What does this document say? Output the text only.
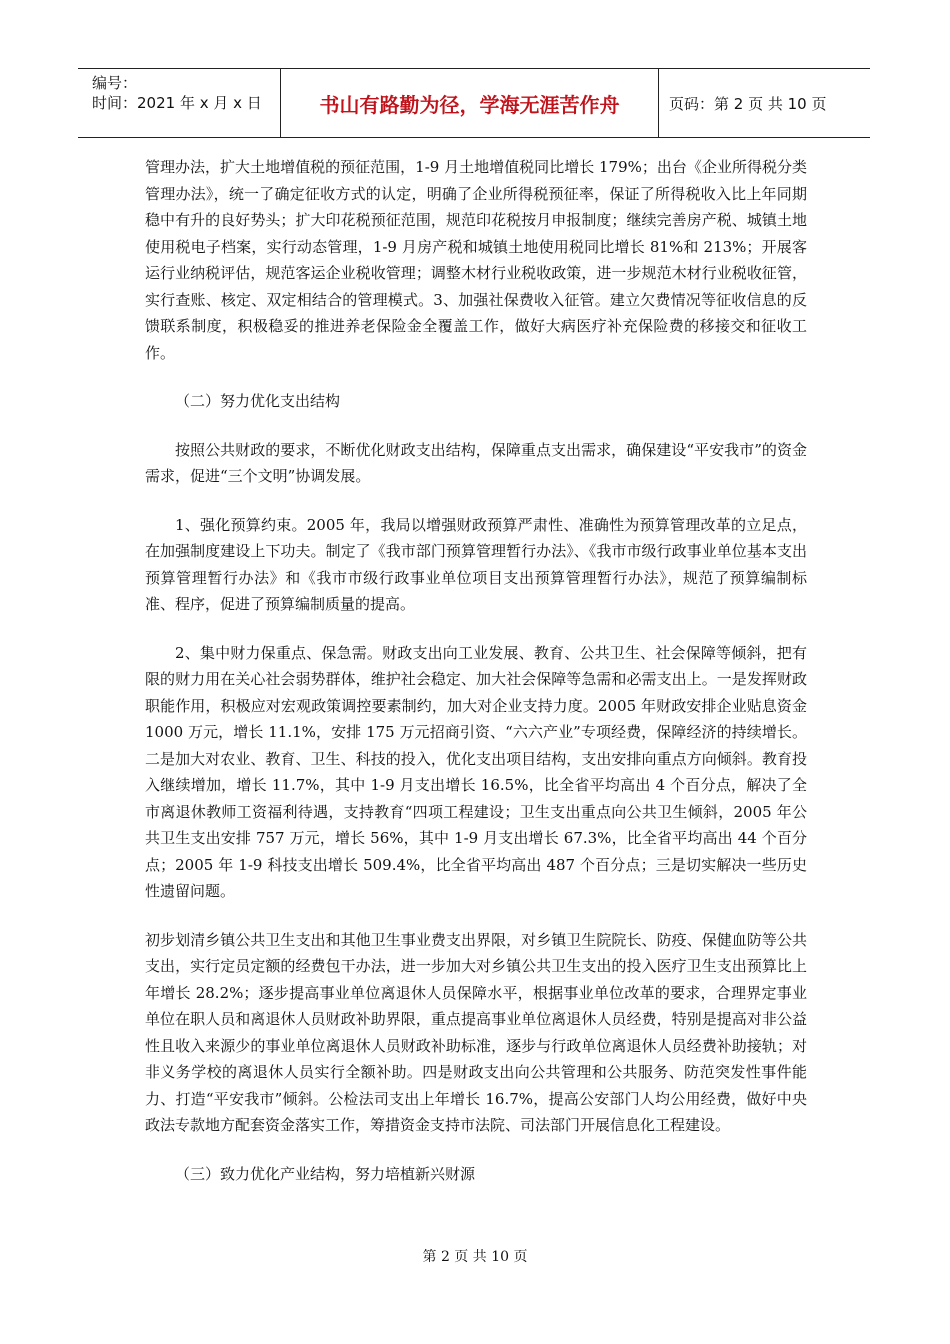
编号：
时间：2021 年 x 月 x 日	书山有路勤为径，学海无涯苦作舟	页码：第 2 页 共 10 页

管理办法，扩大土地增值税的预征范围，1-9 月土地增值税同比增长 179%；出台《企业所得税分类管理办法》，统一了确定征收方式的认定，明确了企业所得税预征率，保证了所得税收入比上年同期稳中有升的良好势头；扩大印花税预征范围，规范印花税按月申报制度；继续完善房产税、城镇土地使用税电子档案，实行动态管理，1-9 月房产税和城镇土地使用税同比增长 81%和 213%；开展客运行业纳税评估，规范客运企业税收管理；调整木材行业税收政策，进一步规范木材行业税收征管，实行查账、核定、双定相结合的管理模式。3、加强社保费收入征管。建立欠费情况等征收信息的反馈联系制度，积极稳妥的推进养老保险金全覆盖工作，做好大病医疗补充保险费的移接交和征收工作。

（二）努力优化支出结构

按照公共财政的要求，不断优化财政支出结构，保障重点支出需求，确保建设“平安我市”的资金需求，促进“三个文明”协调发展。

1、强化预算约束。2005 年，我局以增强财政预算严肃性、准确性为预算管理改革的立足点，在加强制度建设上下功夫。制定了《我市部门预算管理暂行办法》、《我市市级行政事业单位基本支出预算管理暂行办法》和《我市市级行政事业单位项目支出预算管理暂行办法》，规范了预算编制标准、程序，促进了预算编制质量的提高。

2、集中财力保重点、保急需。财政支出向工业发展、教育、公共卫生、社会保障等倾斜，把有限的财力用在关心社会弱势群体，维护社会稳定、加大社会保障等急需和必需支出上。一是发挥财政职能作用，积极应对宏观政策调控要素制约，加大对企业支持力度。2005 年财政安排企业贴息资金 1000 万元，增长 11.1%，安排 175 万元招商引资、“六六产业”专项经费，保障经济的持续增长。二是加大对农业、教育、卫生、科技的投入，优化支出项目结构，支出安排向重点方向倾斜。教育投入继续增加，增长 11.7%，其中 1-9 月支出增长 16.5%，比全省平均高出 4 个百分点，解决了全市离退休教师工资福利待遇，支持教育“四项工程建设；卫生支出重点向公共卫生倾斜，2005 年公共卫生支出安排 757 万元，增长 56%，其中 1-9 月支出增长 67.3%，比全省平均高出 44 个百分点；2005 年 1-9 科技支出增长 509.4%，比全省平均高出 487 个百分点；三是切实解决一些历史性遗留问题。

初步划清乡镇公共卫生支出和其他卫生事业费支出界限，对乡镇卫生院院长、防疫、保健血防等公共支出，实行定员定额的经费包干办法，进一步加大对乡镇公共卫生支出的投入医疗卫生支出预算比上年增长 28.2%；逐步提高事业单位离退休人员保障水平，根据事业单位改革的要求，合理界定事业单位在职人员和离退休人员财政补助界限，重点提高事业单位离退休人员经费，特别是提高对非公益性且收入来源少的事业单位离退休人员财政补助标准，逐步与行政单位离退休人员经费补助接轨；对非义务学校的离退休人员实行全额补助。四是财政支出向公共管理和公共服务、防范突发性事件能力、打造“平安我市”倾斜。公检法司支出上年增长 16.7%，提高公安部门人均公用经费，做好中央政法专款地方配套资金落实工作，筹措资金支持市法院、司法部门开展信息化工程建设。

（三）致力优化产业结构，努力培植新兴财源

第 2 页 共 10 页
